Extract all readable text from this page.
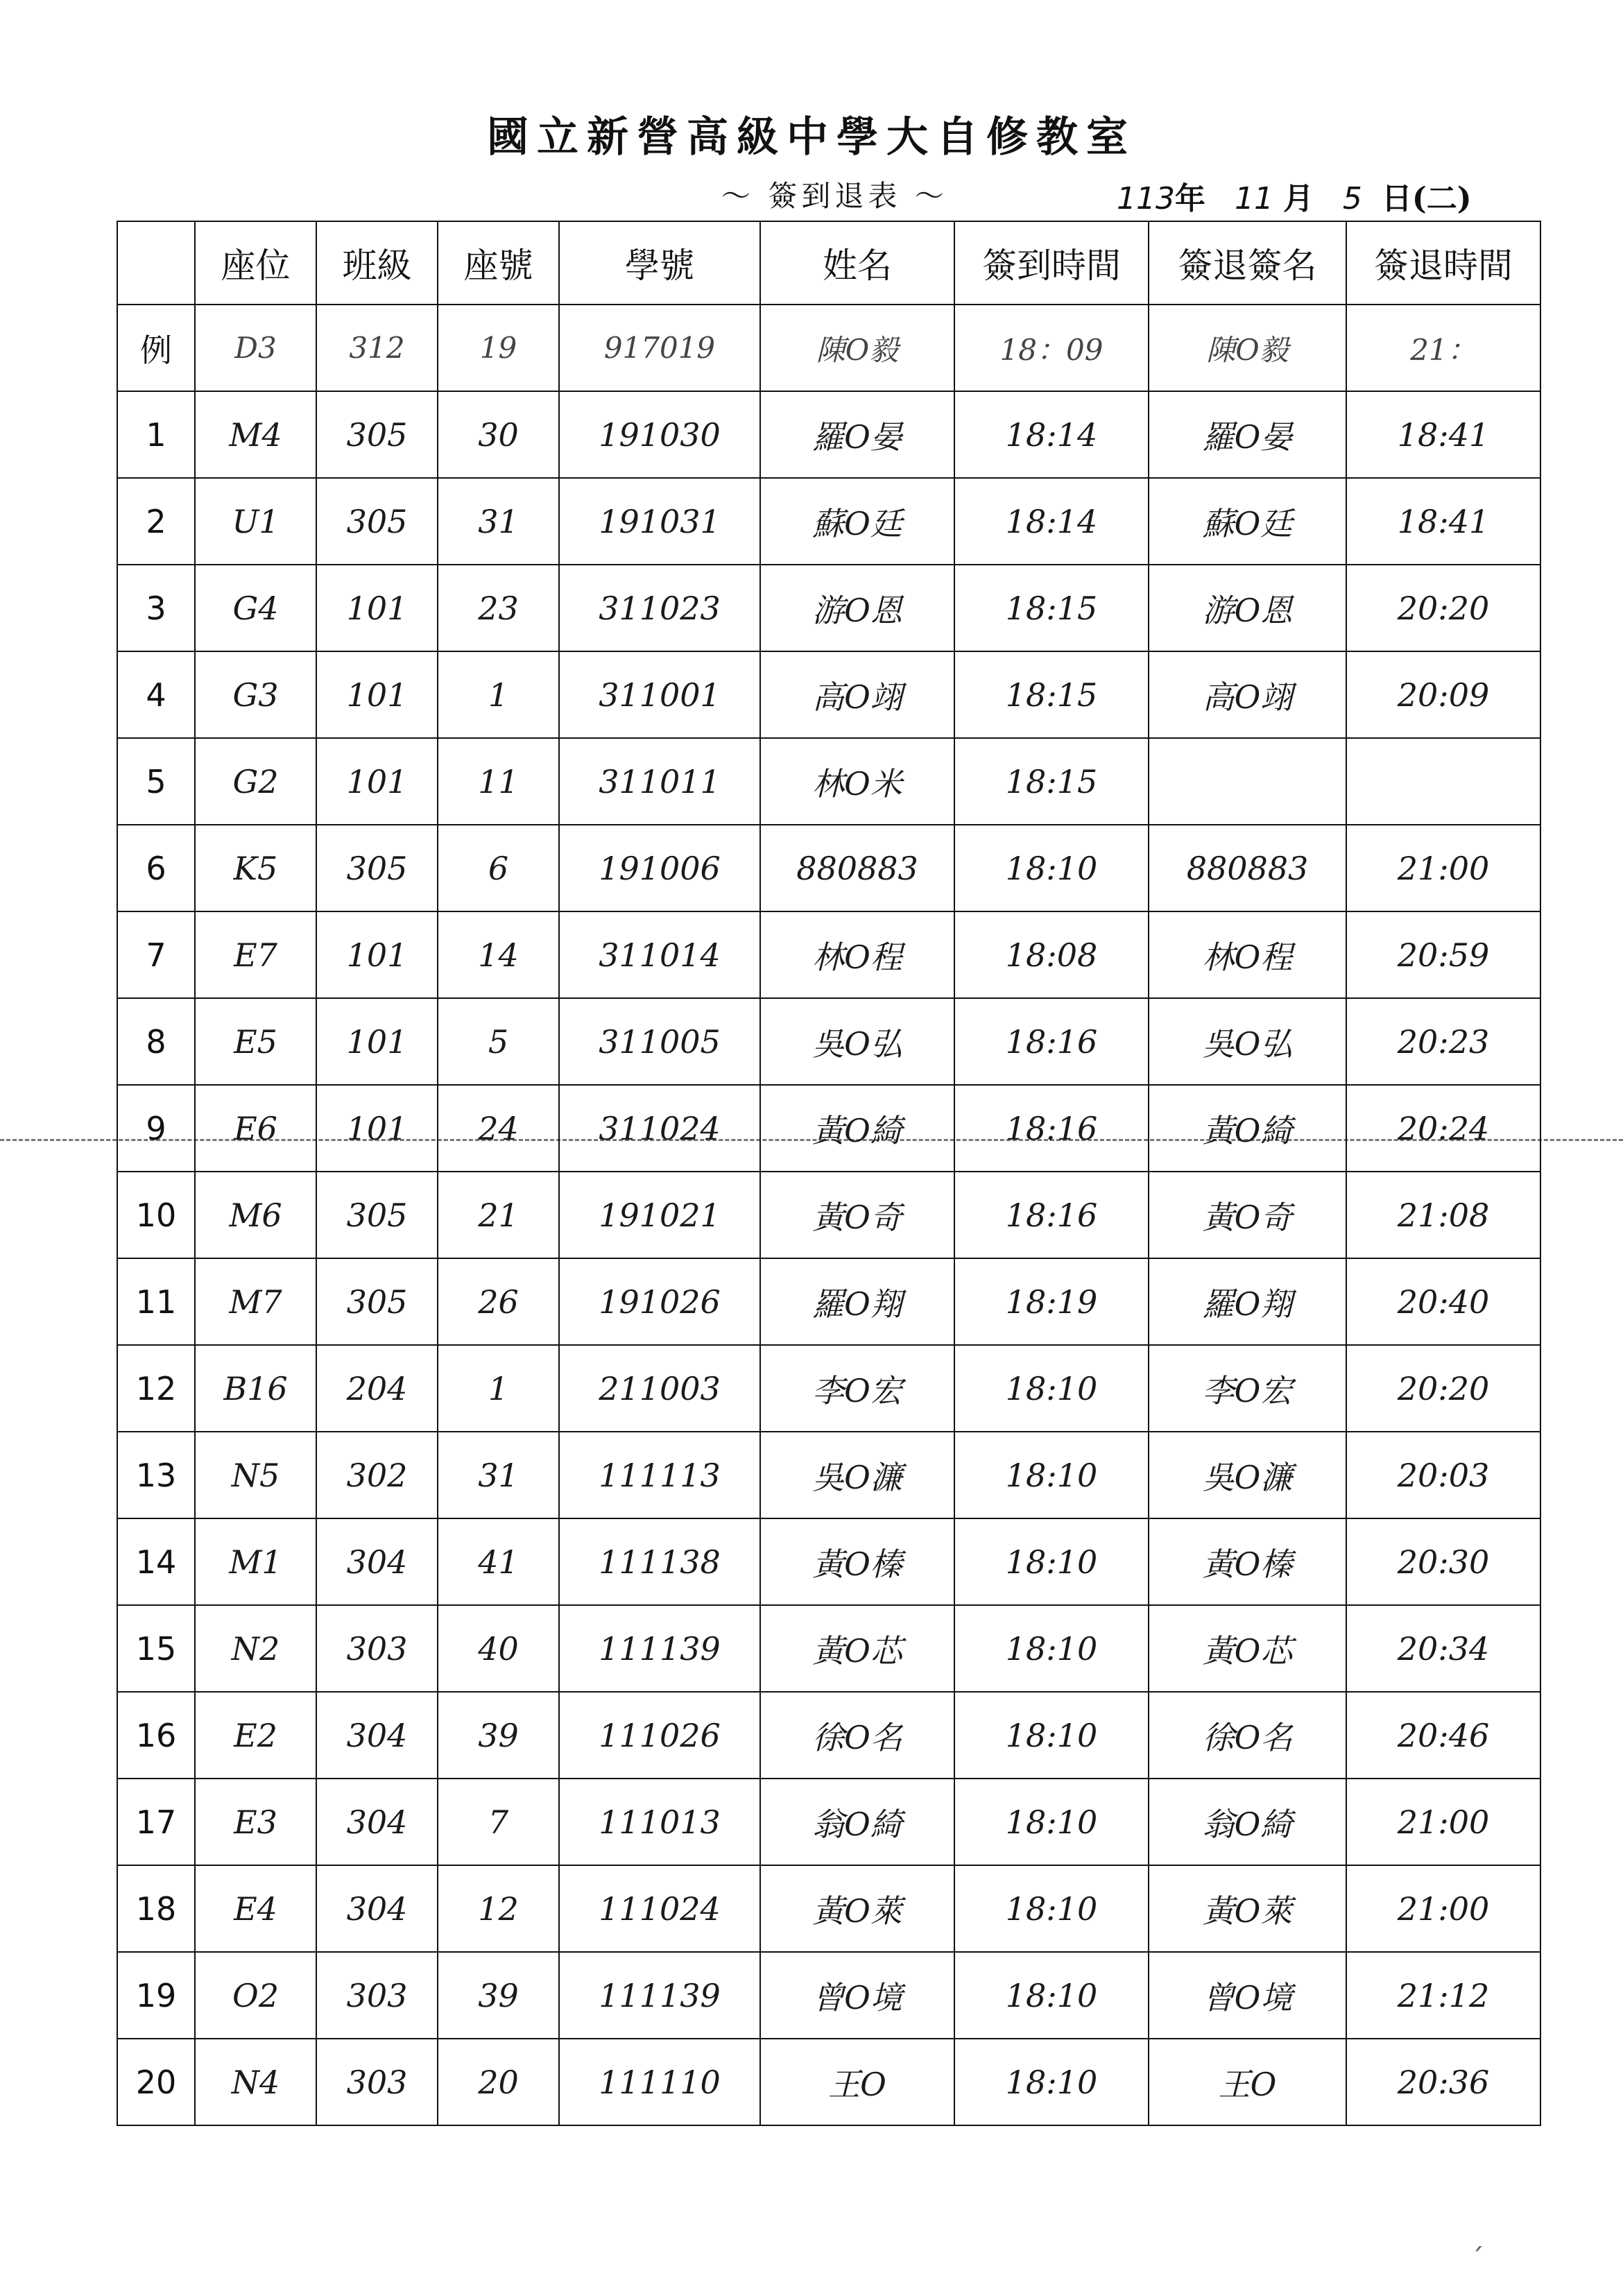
國立新營高級中學大自修教室
～ 簽到退表 ～	113年 11 月 5 日(二)
	座位	班級	座號	學號	姓名	簽到時間	簽退簽名	簽退時間
例	D3	312	19	917019	陳O毅	18：09	陳O毅	21：
1	M4	305	30	191030	羅O晏	18:14	羅O晏	18:41
2	U1	305	31	191031	蘇O廷	18:14	蘇O廷	18:41
3	G4	101	23	311023	游O恩	18:15	游O恩	20:20
4	G3	101	1	311001	高O翊	18:15	高O翊	20:09
5	G2	101	11	311011	林O米	18:15		
6	K5	305	6	191006	880883	18:10	880883	21:00
7	E7	101	14	311014	林O程	18:08	林O程	20:59
8	E5	101	5	311005	吳O弘	18:16	吳O弘	20:23
9	E6	101	24	311024	黃O綺	18:16	黃O綺	20:24
10	M6	305	21	191021	黃O奇	18:16	黃O奇	21:08
11	M7	305	26	191026	羅O翔	18:19	羅O翔	20:40
12	B16	204	1	211003	李O宏	18:10	李O宏	20:20
13	N5	302	31	111113	吳O濂	18:10	吳O濂	20:03
14	M1	304	41	111138	黃O榛	18:10	黃O榛	20:30
15	N2	303	40	111139	黃O芯	18:10	黃O芯	20:34
16	E2	304	39	111026	徐O名	18:10	徐O名	20:46
17	E3	304	7	111013	翁O綺	18:10	翁O綺	21:00
18	E4	304	12	111024	黃O萊	18:10	黃O萊	21:00
19	O2	303	39	111139	曾O境	18:10	曾O境	21:12
20	N4	303	20	111110	王O	18:10	王O	20:36
ˏ
